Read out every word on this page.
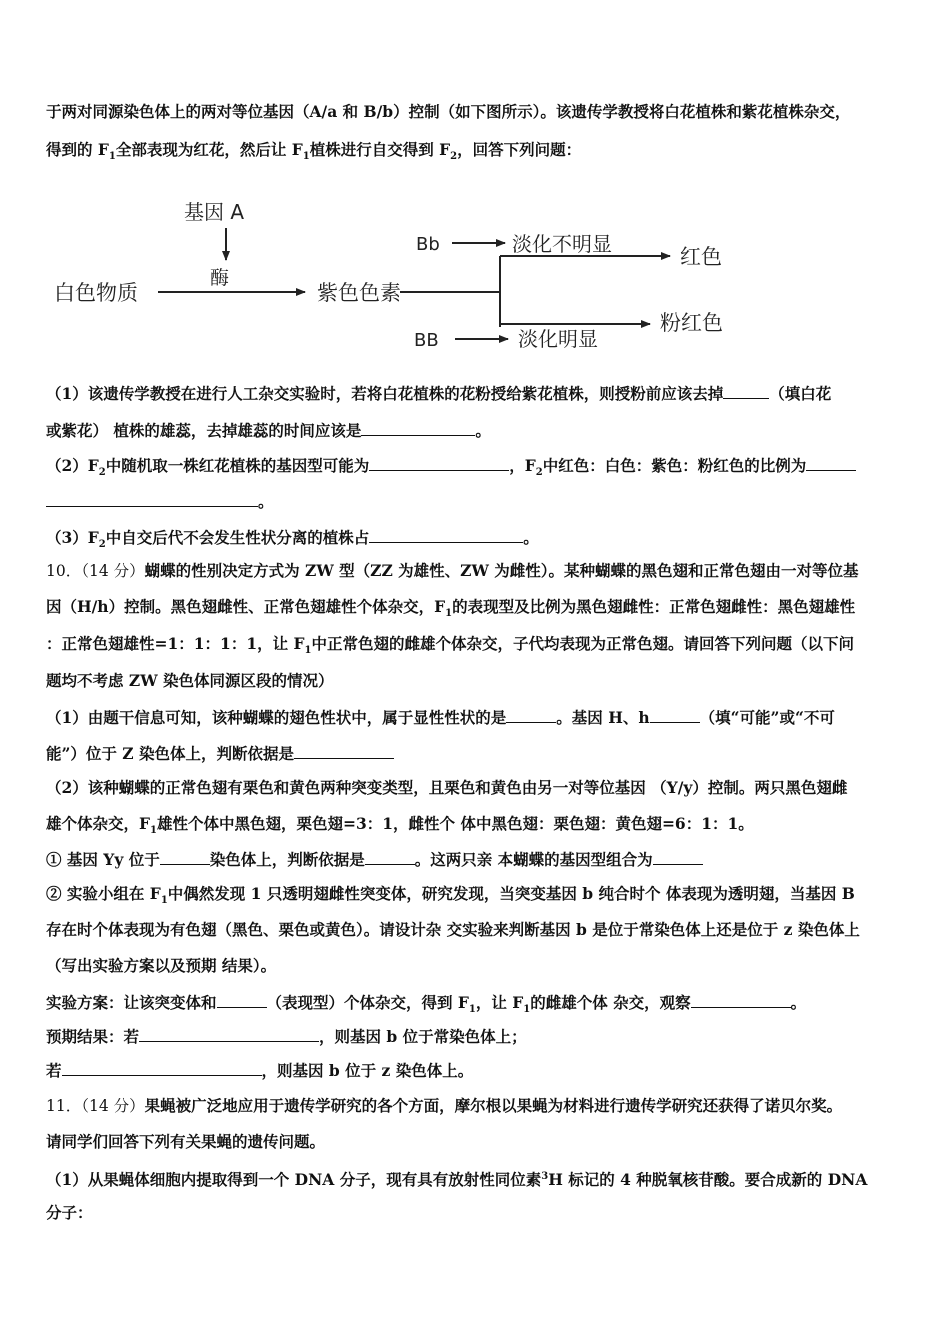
于两对同源染色体上的两对等位基因（A/a 和 B/b）控制（如下图所示）。该遗传学教授将白花植株和紫花植株杂交，
得到的 $F_1$全部表现为红花，然后让 $F_1$植株进行自交得到 $F_2$，回答下列问题：
基因 A
酶
白色物质	紫色色素
Bb	淡化不明显
红色
粉红色
BB	淡化明显
（1）该遗传学教授在进行人工杂交实验时，若将白花植株的花粉授给紫花植株，则授粉前应该去掉	（填白花
或紫花） 植株的雄蕊，去掉雄蕊的时间应该是	。
$(2)F_2$中随机取一株红花植株的基因型可能为	，$F_2$中红色：白色：紫色：粉红色的比例为
。
$(3)F_2$中自交后代不会发生性状分离的植株占	。
10．（14 分）蝴蝶的性别决定方式为 ZW 型（ZZ 为雄性、ZW 为雌性）。某种蝴蝶的黑色翅和正常色翅由一对等位基
因（H/h）控制。黑色翅雌性、正常色翅雄性个体杂交，$F_1$的表现型及比例为黑色翅雌性：正常色翅雌性：黑色翅雄性
：正常色翅雄性=1：1：1：1，让 $F_1$中正常色翅的雌雄个体杂交，子代均表现为正常色翅。请回答下列问题（以下问
题均不考虑 ZW 染色体同源区段的情况）
（1）由题干信息可知，该种蝴蝶的翅色性状中，属于显性性状的是	。基因 H、h	（填“可能”或“不可
能”）位于 Z 染色体上，判断依据是
（2）该种蝴蝶的正常色翅有栗色和黄色两种突变类型，且栗色和黄色由另一对等位基因 （Y/y）控制。两只黑色翅雌
雄个体杂交，$F_1$雄性个体中黑色翅，栗色翅=3：1，雌性个 体中黑色翅：栗色翅：黄色翅=6：1：1。
① 基因 Yy 位于	染色体上，判断依据是	。这两只亲 本蝴蝶的基因型组合为
② 实验小组在 $F_1$中偶然发现 1 只透明翅雌性突变体，研究发现，当突变基因 b 纯合时个 体表现为透明翅，当基因 B
存在时个体表现为有色翅（黑色、栗色或黄色）。请设计杂 交实验来判断基因 b 是位于常染色体上还是位于 z 染色体上
（写出实验方案以及预期 结果）。
实验方案：让该突变体和	（表现型）个体杂交，得到 $F_1$，让 $F_1$的雌雄个体 杂交，观察	。
预期结果：若	，则基因 b 位于常染色体上；
若	，则基因 b 位于 z 染色体上。
11．（14 分）果蝇被广泛地应用于遗传学研究的各个方面，摩尔根以果蝇为材料进行遗传学研究还获得了诺贝尔奖。
请同学们回答下列有关果蝇的遗传问题。
（1）从果蝇体细胞内提取得到一个 DNA 分子，现有具有放射性同位素$^3$H 标记的 4 种脱氧核苷酸。要合成新的 DNA
分子：
